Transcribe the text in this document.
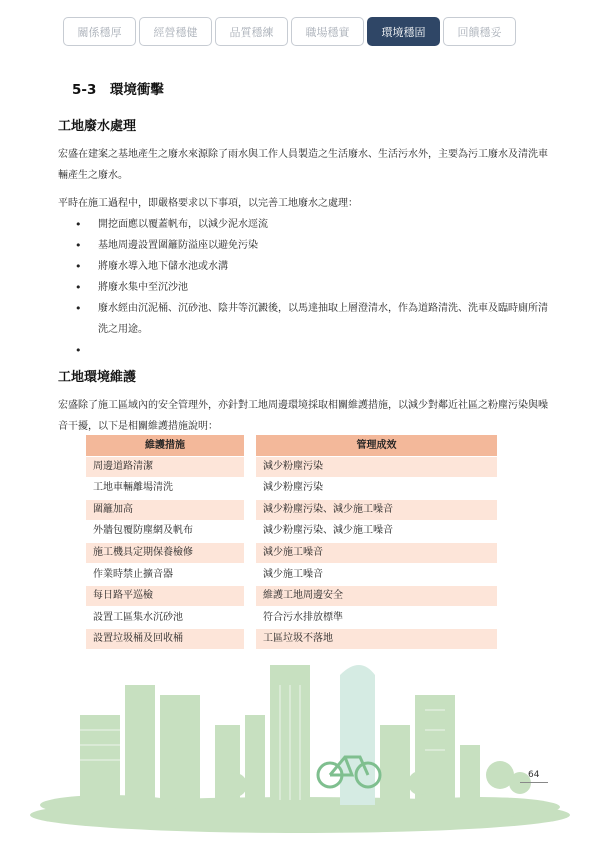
關係穩厚	經營穩健	品質穩練	職場穩實	環境穩固	回饋穩妥
5-3　環境衝擊
工地廢水處理

宏盛在建案之基地產生之廢水來源除了雨水與工作人員製造之生活廢水、生活污水外，主要為污工廢水及清洗車輛產生之廢水。

平時在施工過程中，即嚴格要求以下事項，以完善工地廢水之處理：

• 開挖面應以覆蓋帆布，以減少泥水逕流
• 基地周邊設置圍籬防溢座以避免污染
• 將廢水導入地下儲水池或水溝
• 將廢水集中至沉沙池
• 廢水經由沉泥桶、沉砂池、陰井等沉澱後，以馬達抽取上層澄清水，作為道路清洗、洗車及臨時廁所清洗之用途。
工地環境維護

宏盛除了施工區域內的安全管理外，亦針對工地周邊環境採取相關維護措施，以減少對鄰近社區之粉塵污染與噪音干擾，以下是相關維護措施說明：

維護措施	管理成效
周邊道路清潔	減少粉塵污染
工地車輛離場清洗	減少粉塵污染
圍籬加高	減少粉塵污染、減少施工噪音
外牆包覆防塵網及帆布	減少粉塵污染、減少施工噪音
施工機具定期保養檢修	減少施工噪音
作業時禁止擴音器	減少施工噪音
每日路平巡檢	維護工地周邊安全
設置工區集水沉砂池	符合污水排放標準
設置垃圾桶及回收桶	工區垃圾不落地
64
